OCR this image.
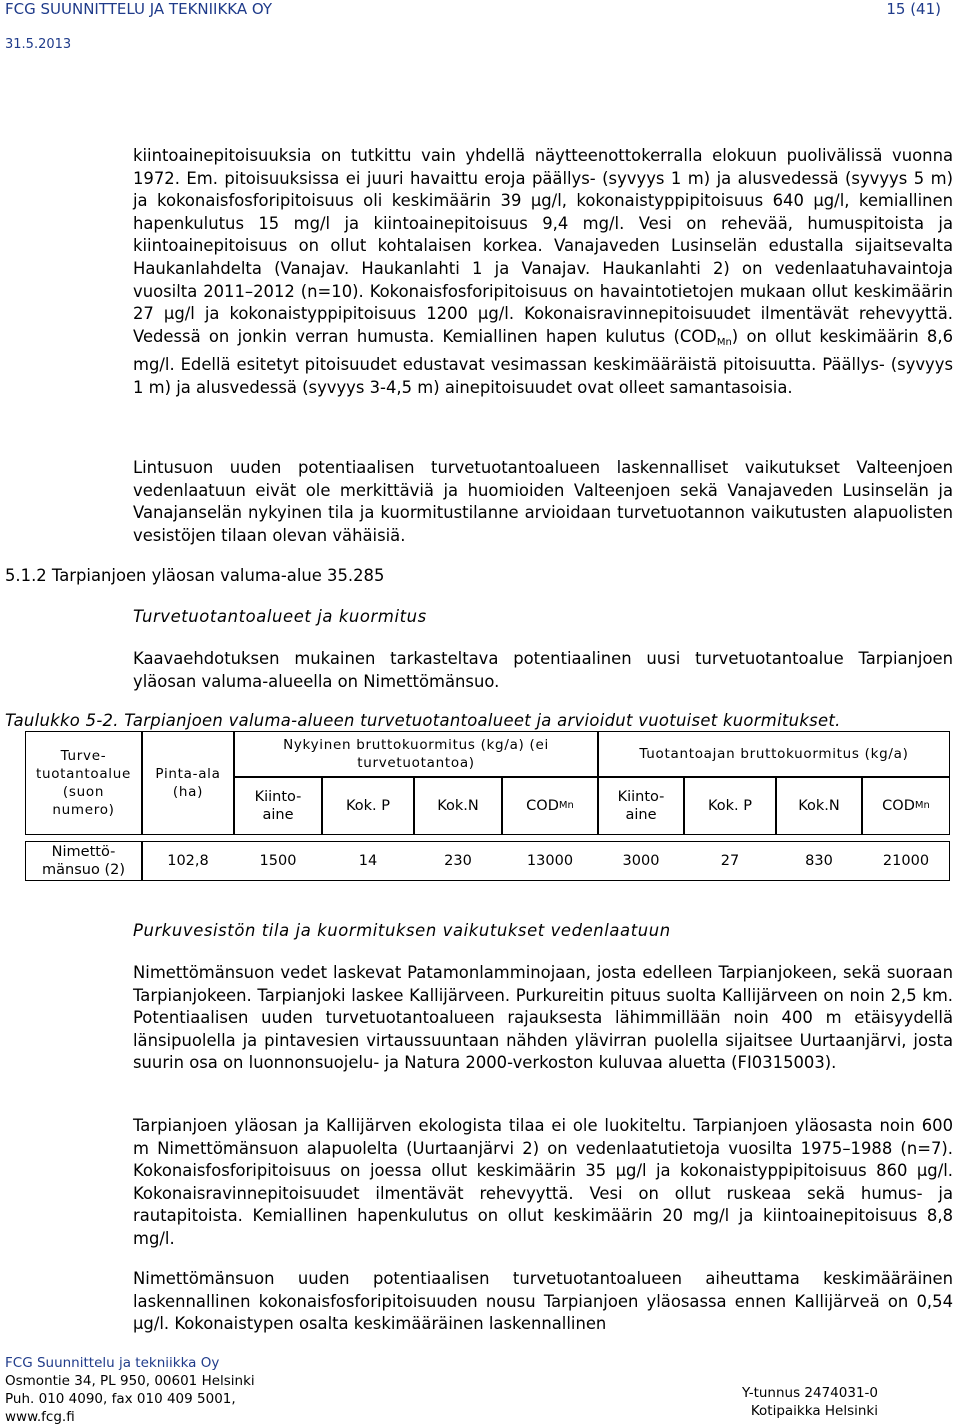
FCG SUUNNITTELU JA TEKNIIKKA OY
31.5.2013
15 (41)

kiintoainepitoisuuksia on tutkittu vain yhdellä näytteenottokerralla elokuun puolivälissä vuonna 1972. Em. pitoisuuksissa ei juuri havaittu eroja päällys- (syvyys 1 m) ja alusvedessä (syvyys 5 m) ja kokonaisfosforipitoisuus oli keskimäärin 39 µg/l, kokonaistyppipitoisuus 640 µg/l, kemiallinen hapenkulutus 15 mg/l ja kiintoainepitoisuus 9,4 mg/l. Vesi on rehevää, humuspitoista ja kiintoainepitoisuus on ollut kohtalaisen korkea. Vanajaveden Lusinselän edustalla sijaitsevalta Haukanlahdelta (Vanajav. Haukanlahti 1 ja Vanajav. Haukanlahti 2) on vedenlaatuhavaintoja vuosilta 2011–2012 (n=10). Kokonaisfosforipitoisuus on havaintotietojen mukaan ollut keskimäärin 27 µg/l ja kokonaistyppipitoisuus 1200 µg/l. Kokonaisravinnepitoisuudet ilmentävät rehevyyttä. Vedessä on jonkin verran humusta. Kemiallinen hapen kulutus $(COD_{Mn})$ on ollut keskimäärin 8,6 mg/l. Edellä esitetyt pitoisuudet edustavat vesimassan keskimääräistä pitoisuutta. Päällys- (syvyys 1 m) ja alusvedessä (syvyys 3-4,5 m) ainepitoisuudet ovat olleet samantasoisia.

Lintusuon uuden potentiaalisen turvetuotantoalueen laskennalliset vaikutukset Valteenjoen vedenlaatuun eivät ole merkittäviä ja huomioiden Valteenjoen sekä Vanajaveden Lusinselän ja Vanajanselän nykyinen tila ja kuormitustilanne arvioidaan turvetuotannon vaikutusten alapuolisten vesistöjen tilaan olevan vähäisiä.

5.1.2 Tarpianjoen yläosan valuma-alue 35.285

Turvetuotantoalueet ja kuormitus

Kaavaehdotuksen mukainen tarkasteltava potentiaalinen uusi turvetuotantoalue Tarpianjoen yläosan valuma-alueella on Nimettömänsuo.

Taulukko 5-2. Tarpianjoen valuma-alueen turvetuotantoalueet ja arvioidut vuotuiset kuormitukset.

Turve-tuotantoalue (suon numero)
Pinta-ala (ha)
Nykyinen bruttokuormitus (kg/a) (ei turvetuotantoa)
Tuotantoajan bruttokuormitus (kg/a)
Kiinto-aine
Kok. P	Kok.N	COD Mn
Kiinto-aine
Kok. P	Kok.N	COD Mn
Nimettö-mänsuo (2)
102,8	1500	14	230	13000	3000	27	830	21000

Purkuvesistön tila ja kuormituksen vaikutukset vedenlaatuun

Nimettömänsuon vedet laskevat Patamonlamminojaan, josta edelleen Tarpianjokeen, sekä suoraan Tarpianjokeen. Tarpianjoki laskee Kallijärveen. Purkureitin pituus suolta Kallijärveen on noin 2,5 km. Potentiaalisen uuden turvetuotantoalueen rajauksesta lähimmillään noin 400 m etäisyydellä länsipuolella ja pintavesien virtaussuuntaan nähden ylävirran puolella sijaitsee Uurtaanjärvi, josta suurin osa on luonnonsuojelu- ja Natura 2000-verkoston kuluvaa aluetta (FI0315003).

Tarpianjoen yläosan ja Kallijärven ekologista tilaa ei ole luokiteltu. Tarpianjoen yläosasta noin 600 m Nimettömänsuon alapuolelta (Uurtaanjärvi 2) on vedenlaatutietoja vuosilta 1975–1988 (n=7). Kokonaisfosforipitoisuus on joessa ollut keskimäärin 35 µg/l ja kokonaistyppipitoisuus 860 µg/l. Kokonaisravinnepitoisuudet ilmentävät rehevyyttä. Vesi on ollut ruskeaa sekä humus- ja rautapitoista. Kemiallinen hapenkulutus on ollut keskimäärin 20 mg/l ja kiintoainepitoisuus 8,8 mg/l.

Nimettömänsuon uuden potentiaalisen turvetuotantoalueen aiheuttama keskimääräinen laskennallinen kokonaisfosforipitoisuuden nousu Tarpianjoen yläosassa ennen Kallijärveä on 0,54 µg/l. Kokonaistypen osalta keskimääräinen laskennallinen

FCG Suunnittelu ja tekniikka Oy

Osmontie 34, PL 950, 00601 Helsinki

Puh. 010 4090, fax 010 409 5001,

www.fcg.fi

Y-tunnus 2474031-0
Kotipaikka Helsinki
